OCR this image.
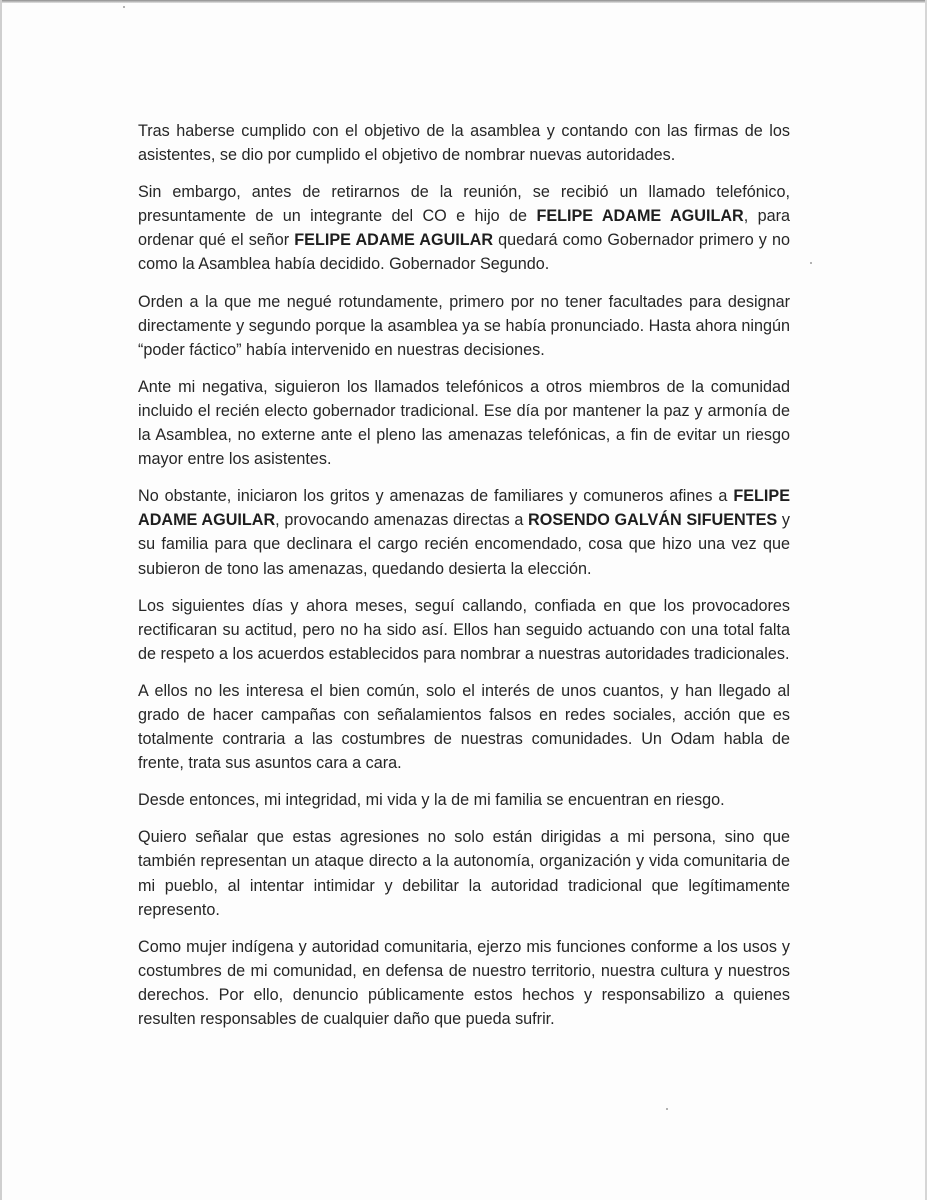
Tras haberse cumplido con el objetivo de la asamblea y contando con las firmas de los asistentes, se dio por cumplido el objetivo de nombrar nuevas autoridades.

Sin embargo, antes de retirarnos de la reunión, se recibió un llamado telefónico, presuntamente de un integrante del CO e hijo de FELIPE ADAME AGUILAR, para ordenar qué el señor FELIPE ADAME AGUILAR quedará como Gobernador primero y no como la Asamblea había decidido. Gobernador Segundo.

Orden a la que me negué rotundamente, primero por no tener facultades para designar directamente y segundo porque la asamblea ya se había pronunciado. Hasta ahora ningún “poder fáctico” había intervenido en nuestras decisiones.

Ante mi negativa, siguieron los llamados telefónicos a otros miembros de la comunidad incluido el recién electo gobernador tradicional. Ese día por mantener la paz y armonía de la Asamblea, no externe ante el pleno las amenazas telefónicas, a fin de evitar un riesgo mayor entre los asistentes.

No obstante, iniciaron los gritos y amenazas de familiares y comuneros afines a FELIPE ADAME AGUILAR, provocando amenazas directas a ROSENDO GALVÁN SIFUENTES y su familia para que declinara el cargo recién encomendado, cosa que hizo una vez que subieron de tono las amenazas, quedando desierta la elección.

Los siguientes días y ahora meses, seguí callando, confiada en que los provocadores rectificaran su actitud, pero no ha sido así. Ellos han seguido actuando con una total falta de respeto a los acuerdos establecidos para nombrar a nuestras autoridades tradicionales.

A ellos no les interesa el bien común, solo el interés de unos cuantos, y han llegado al grado de hacer campañas con señalamientos falsos en redes sociales, acción que es totalmente contraria a las costumbres de nuestras comunidades. Un Odam habla de frente, trata sus asuntos cara a cara.

Desde entonces, mi integridad, mi vida y la de mi familia se encuentran en riesgo.

Quiero señalar que estas agresiones no solo están dirigidas a mi persona, sino que también representan un ataque directo a la autonomía, organización y vida comunitaria de mi pueblo, al intentar intimidar y debilitar la autoridad tradicional que legítimamente represento.

Como mujer indígena y autoridad comunitaria, ejerzo mis funciones conforme a los usos y costumbres de mi comunidad, en defensa de nuestro territorio, nuestra cultura y nuestros derechos. Por ello, denuncio públicamente estos hechos y responsabilizo a quienes resulten responsables de cualquier daño que pueda sufrir.
